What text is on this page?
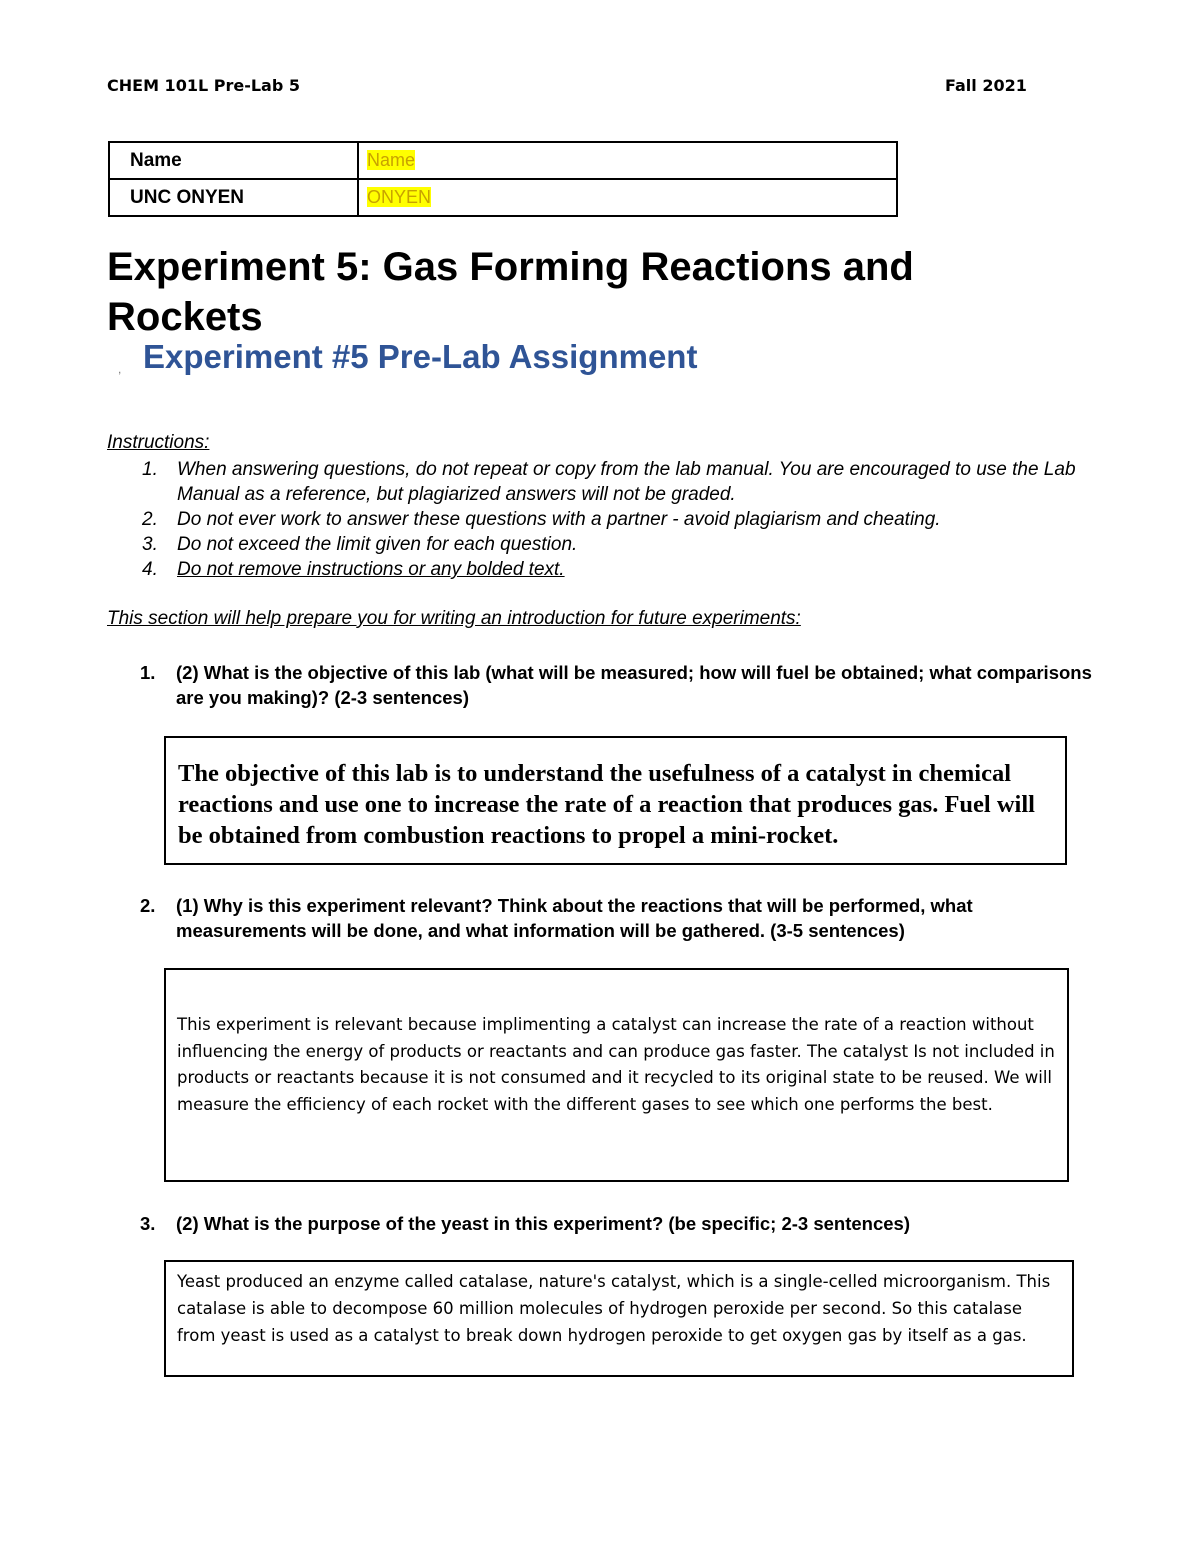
CHEM 101L Pre-Lab 5	Fall 2021
Name	Name
UNC ONYEN	ONYEN
Experiment 5: Gas Forming Reactions and Rockets
, Experiment #5 Pre-Lab Assignment
Instructions:
1. When answering questions, do not repeat or copy from the lab manual. You are encouraged to use the Lab Manual as a reference, but plagiarized answers will not be graded.
2. Do not ever work to answer these questions with a partner - avoid plagiarism and cheating.
3. Do not exceed the limit given for each question.
4. Do not remove instructions or any bolded text.
This section will help prepare you for writing an introduction for future experiments:
1. (2) What is the objective of this lab (what will be measured; how will fuel be obtained; what comparisons are you making)? (2-3 sentences)

The objective of this lab is to understand the usefulness of a catalyst in chemical reactions and use one to increase the rate of a reaction that produces gas. Fuel will be obtained from combustion reactions to propel a mini-rocket.

2. (1) Why is this experiment relevant? Think about the reactions that will be performed, what measurements will be done, and what information will be gathered. (3-5 sentences)

This experiment is relevant because implimenting a catalyst can increase the rate of a reaction without influencing the energy of products or reactants and can produce gas faster. The catalyst Is not included in products or reactants because it is not consumed and it recycled to its original state to be reused. We will measure the efficiency of each rocket with the different gases to see which one performs the best.

3. (2) What is the purpose of the yeast in this experiment? (be specific; 2-3 sentences)

Yeast produced an enzyme called catalase, nature's catalyst, which is a single-celled microorganism. This catalase is able to decompose 60 million molecules of hydrogen peroxide per second. So this catalase from yeast is used as a catalyst to break down hydrogen peroxide to get oxygen gas by itself as a gas.
